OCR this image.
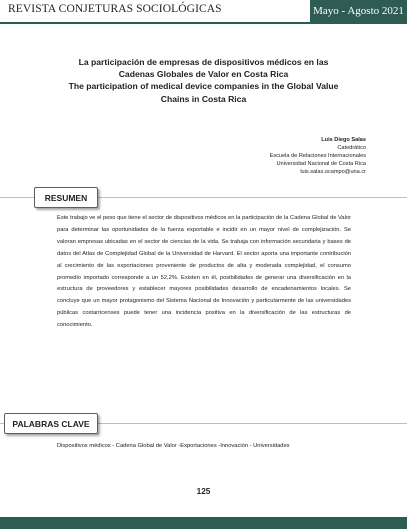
REVISTA CONJETURAS SOCIOLÓGICAS	Mayo - Agosto 2021
La participación de empresas de dispositivos médicos en las
Cadenas Globales de Valor en Costa Rica
The participation of medical device companies in the Global Value
Chains in Costa Rica
Luis Diego Salas
Catedrático
Escuela de Relaciones Internacionales
Universidad Nacional de Costa Rica
luis.salas.ocampo@una.cr
RESUMEN
Este trabajo ve el peso que tiene el sector de dispositivos médicos en la participación de la Cadena Global de Valor para determinar las oportunidades de la fuerza exportable e incidir en un mayor nivel de complejización. Se valoran empresas ubicadas en el sector de ciencias de la vida. Se trabaja con información secundaria y bases de datos del Atlas de Complejidad Global de la Universidad de Harvard. El sector aporta una importante contribución al crecimiento de las exportaciones proveniente de productos de alta y moderada complejidad, el consumo promedio importado corresponde a un 52,2%. Existen en él, posibilidades de generar una diversificación en la estructura de proveedores y establecer mayores posibilidades desarrollo de encadenamientos locales. Se concluye que un mayor protagonismo del Sistema Nacional de Innovación y particularmente de las universidades públicas costarricenses puede tener una incidencia positiva en la diversificación de las estructuras de conocimiento.
PALABRAS CLAVE
Dispositivos médicos - Cadena Global de Valor -Exportaciones -Innovación - Universidades
125
